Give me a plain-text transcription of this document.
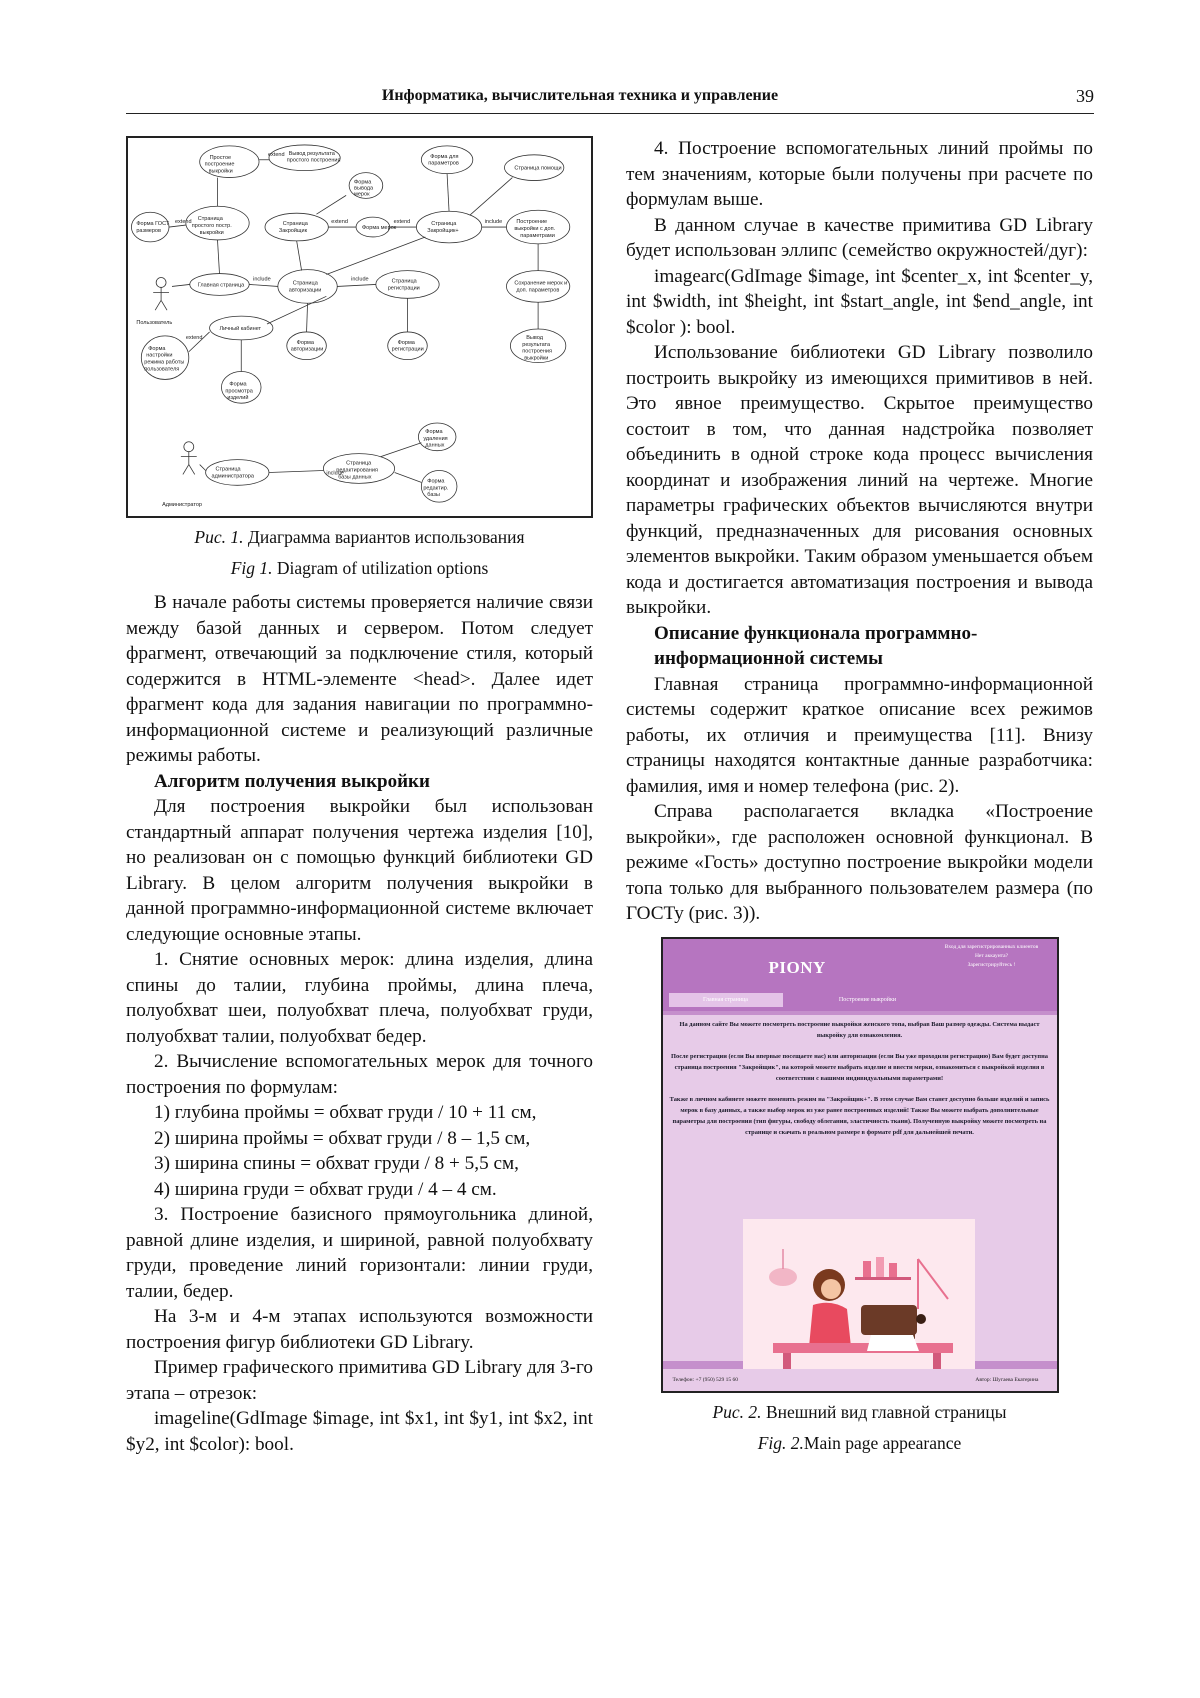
Информатика, вычислительная техника и управление	39
Простое
построение
выкройки
Вывод результата
простого построения
Форма для
параметров
Страница помощи
Форма
вывода
мерок
Страница
простого постр.
выкройки
Страница
Закройщик	Форма мерок
Страница
Закройщик+
Построение
выкройки с доп.
параметрами
Форма ГОСТ
размеров
Главная страница	Страница
авторизации
Страница
регистрации
Сохранение мерок и
доп. параметров
Пользователь
Личный кабинет
Форма
авторизации
Форма
регистрации
Вывод
результата
построения
выкройки
Форма
настройки
режима работы
пользователя
Форма
просмотра
изделий
Страница
администратора
Страница
редактирования
базы данных
Форма
удаления
данных
Форма
редактир.
базы
Администратор
extend
extend	extend	extend	include
include	include
extend
include
Рис. 1. Диаграмма вариантов использования
Fig 1. Diagram of utilization options

В начале работы системы проверяется наличие связи между базой данных и сервером. Потом следует фрагмент, отвечающий за подключение стиля, который содержится в HTML-элементе <head>. Далее идет фрагмент кода для задания навигации по программно-информационной системе и реализующий различные режимы работы.

Алгоритм получения выкройки

Для построения выкройки был использован стандартный аппарат получения чертежа изделия [10], но реализован он с помощью функций библиотеки GD Library. В целом алгоритм получения выкройки в данной программно-информационной системе включает следующие основные этапы.

1. Снятие основных мерок: длина изделия, длина спины до талии, глубина проймы, длина плеча, полуобхват шеи, полуобхват плеча, полуобхват груди, полуобхват талии, полуобхват бедер.

2. Вычисление вспомогательных мерок для точного построения по формулам:

1) глубина проймы = обхват груди / 10 + 11 см,

2) ширина проймы = обхват груди / 8 – 1,5 см,

3) ширина спины = обхват груди / 8 + 5,5 см,

4) ширина груди = обхват груди / 4 – 4 см.

3. Построение базисного прямоугольника длиной, равной длине изделия, и шириной, равной полуобхвату груди, проведение линий горизонтали: линии груди, талии, бедер.

На 3-м и 4-м этапах используются возможности построения фигур библиотеки GD Library.

Пример графического примитива GD Library для 3-го этапа – отрезок:

imageline(GdImage $image, int $x1, int $y1, int $x2, int $y2, int $color): bool.

4. Построение вспомогательных линий проймы по тем значениям, которые были получены при расчете по формулам выше.

В данном случае в качестве примитива GD Library будет использован эллипс (семейство окружностей/дуг):

imagearc(GdImage $image, int $center_x, int $center_y, int $width, int $height, int $start_angle, int $end_angle, int $color ): bool.

Использование библиотеки GD Library позволило построить выкройку из имеющихся примитивов в ней. Это явное преимущество. Скрытое преимущество состоит в том, что данная надстройка позволяет объединить в одной строке кода процесс вычисления координат и изображения линий на чертеже. Многие параметры графических объектов вычисляются внутри функций, предназначенных для рисования основных элементов выкройки. Таким образом уменьшается объем кода и достигается автоматизация построения и вывода выкройки.

Описание функционала программно-информационной системы

Главная страница программно-информационной системы содержит краткое описание всех режимов работы, их отличия и преимущества [11]. Внизу страницы находятся контактные данные разработчика: фамилия, имя и номер телефона (рис. 2).

Справа располагается вкладка «Построение выкройки», где расположен основной функционал. В режиме «Гость» доступно построение выкройки модели топа только для выбранного пользователем размера (по ГОСТу (рис. 3)).

PIONY
Вход для зарегистрированных клиентов
Нет аккаунта?
Зарегистрируйтесь !
Главная страница	Построение выкройки

На данном сайте Вы можете посмотреть построение выкройки женского топа, выбрав Ваш размер одежды. Система выдаст выкройку для ознакомления.

После регистрации (если Вы впервые посещаете нас) или авторизации (если Вы уже проходили регистрацию) Вам будет доступна страница построения "Закройщик", на которой можете выбрать изделие и ввести мерки, ознакомиться с выкройкой изделия в соответствии с вашими индивидуальными параметрами!

Также в личном кабинете можете поменять режим на "Закройщик+". В этом случае Вам станет доступно больше изделий и запись мерок в базу данных, а также выбор мерок из уже ранее построенных изделий! Также Вы можете выбрать дополнительные параметры для построения (тип фигуры, свободу облегания, эластичность ткани). Полученную выкройку можете посмотреть на странице и скачать в реальном размере в формате pdf для дальнейшей печати.

Телефон: +7 (950) 529 15 60	Автор: Шугаева Екатерина
Рис. 2. Внешний вид главной страницы
Fig. 2.Main page appearance
